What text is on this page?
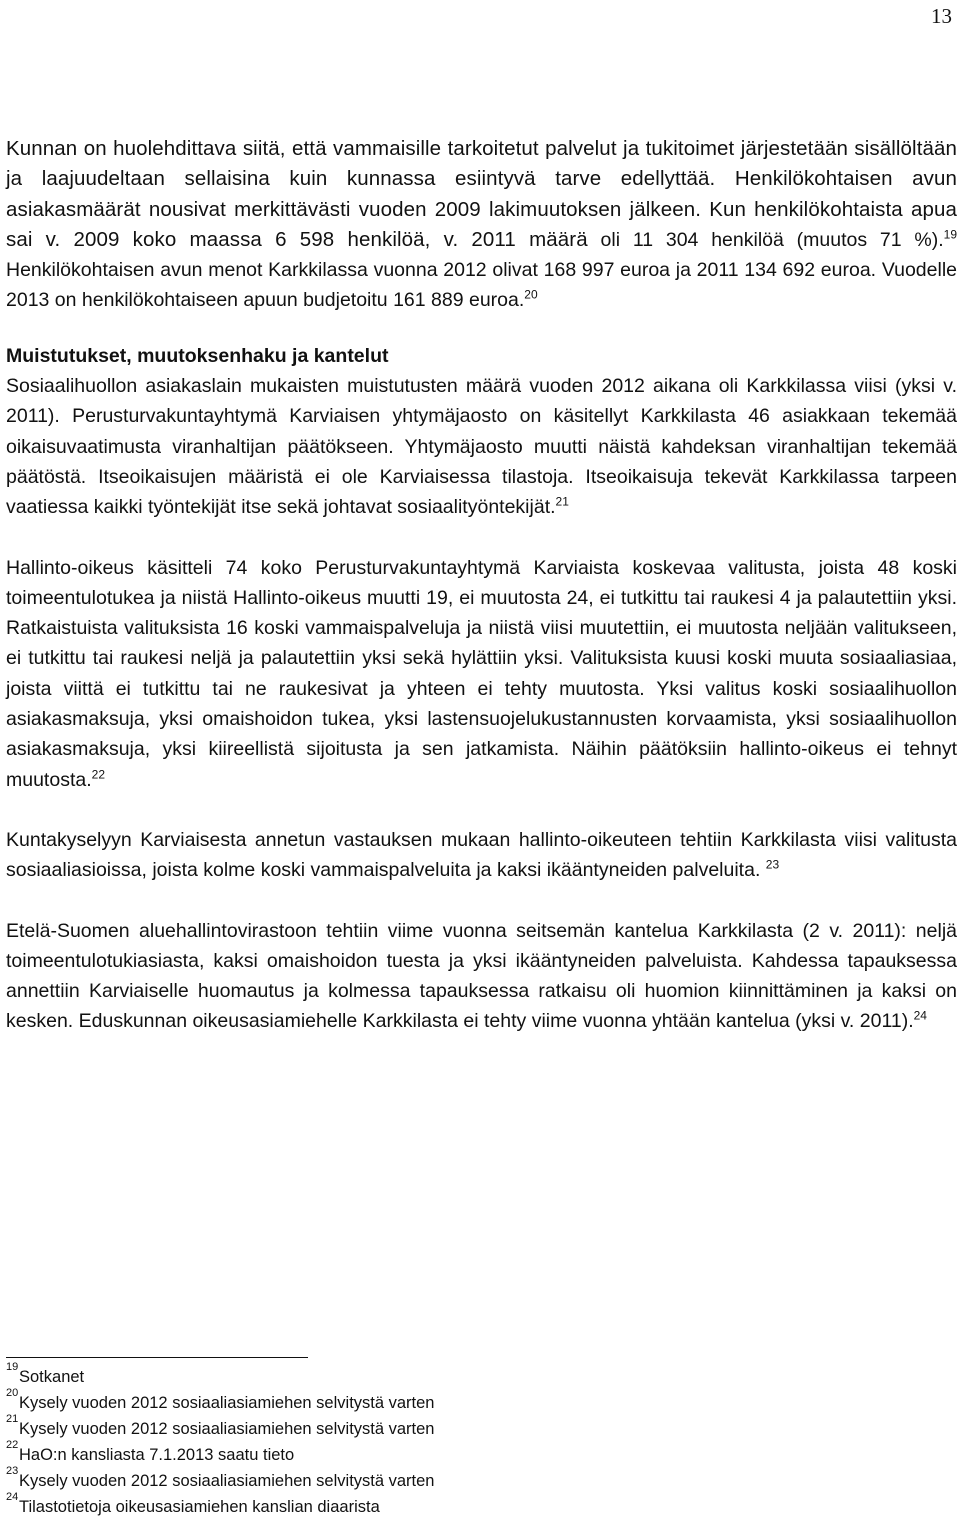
13

Kunnan on huolehdittava siitä, että vammaisille tarkoitetut palvelut ja tukitoimet järjestetään sisällöltään ja laajuudeltaan sellaisina kuin kunnassa esiintyvä tarve edellyttää. Henkilökohtaisen avun asiakasmäärät nousivat merkittävästi vuoden 2009 lakimuutoksen jälkeen. Kun henkilökohtaista apua sai v. 2009 koko maassa 6 598 henkilöä, v. 2011 määrä oli 11 304 henkilöä (muutos 71 %).$^{19}$ Henkilökohtaisen avun menot Karkkilassa vuonna 2012 olivat 168 997 euroa ja 2011 134 692 euroa. Vuodelle 2013 on henkilökohtaiseen apuun budjetoitu 161 889 euroa.$^{20}$

Muistutukset, muutoksenhaku ja kantelut

Sosiaalihuollon asiakaslain mukaisten muistutusten määrä vuoden 2012 aikana oli Karkkilassa viisi (yksi v. 2011). Perusturvakuntayhtymä Karviaisen yhtymäjaosto on käsitellyt Karkkilasta 46 asiakkaan tekemää oikaisuvaatimusta viranhaltijan päätökseen. Yhtymäjaosto muutti näistä kahdeksan viranhaltijan tekemää päätöstä. Itseoikaisujen määristä ei ole Karviaisessa tilastoja. Itseoikaisuja tekevät Karkkilassa tarpeen vaatiessa kaikki työntekijät itse sekä johtavat sosiaalityöntekijät.$^{21}$

Hallinto-oikeus käsitteli 74 koko Perusturvakuntayhtymä Karviaista koskevaa valitusta, joista 48 koski toimeentulotukea ja niistä Hallinto-oikeus muutti 19, ei muutosta 24, ei tutkittu tai raukesi 4 ja palautettiin yksi. Ratkaistuista valituksista 16 koski vammaispalveluja ja niistä viisi muutettiin, ei muutosta neljään valitukseen, ei tutkittu tai raukesi neljä ja palautettiin yksi sekä hylättiin yksi. Valituksista kuusi koski muuta sosiaaliasiaa, joista viittä ei tutkittu tai ne raukesivat ja yhteen ei tehty muutosta. Yksi valitus koski sosiaalihuollon asiakasmaksuja, yksi omaishoidon tukea, yksi lastensuojelukustannusten korvaamista, yksi sosiaalihuollon asiakasmaksuja, yksi kiireellistä sijoitusta ja sen jatkamista. Näihin päätöksiin hallinto-oikeus ei tehnyt muutosta.$^{22}$

Kuntakyselyyn Karviaisesta annetun vastauksen mukaan hallinto-oikeuteen tehtiin Karkkilasta viisi valitusta sosiaaliasioissa, joista kolme koski vammaispalveluita ja kaksi ikääntyneiden palveluita. $^{23}$

Etelä-Suomen aluehallintovirastoon tehtiin viime vuonna seitsemän kantelua Karkkilasta (2 v. 2011): neljä toimeentulotukiasiasta, kaksi omaishoidon tuesta ja yksi ikääntyneiden palveluista. Kahdessa tapauksessa annettiin Karviaiselle huomautus ja kolmessa tapauksessa ratkaisu oli huomion kiinnittäminen ja kaksi on kesken. Eduskunnan oikeusasiamiehelle Karkkilasta ei tehty viime vuonna yhtään kantelua (yksi v. 2011).$^{24}$

19
Sotkanet

20
Kysely vuoden 2012 sosiaaliasiamiehen selvitystä varten

21
Kysely vuoden 2012 sosiaaliasiamiehen selvitystä varten

22
HaO:n kansliasta 7.1.2013 saatu tieto

23
Kysely vuoden 2012 sosiaaliasiamiehen selvitystä varten

24
Tilastotietoja oikeusasiamiehen kanslian diaarista
